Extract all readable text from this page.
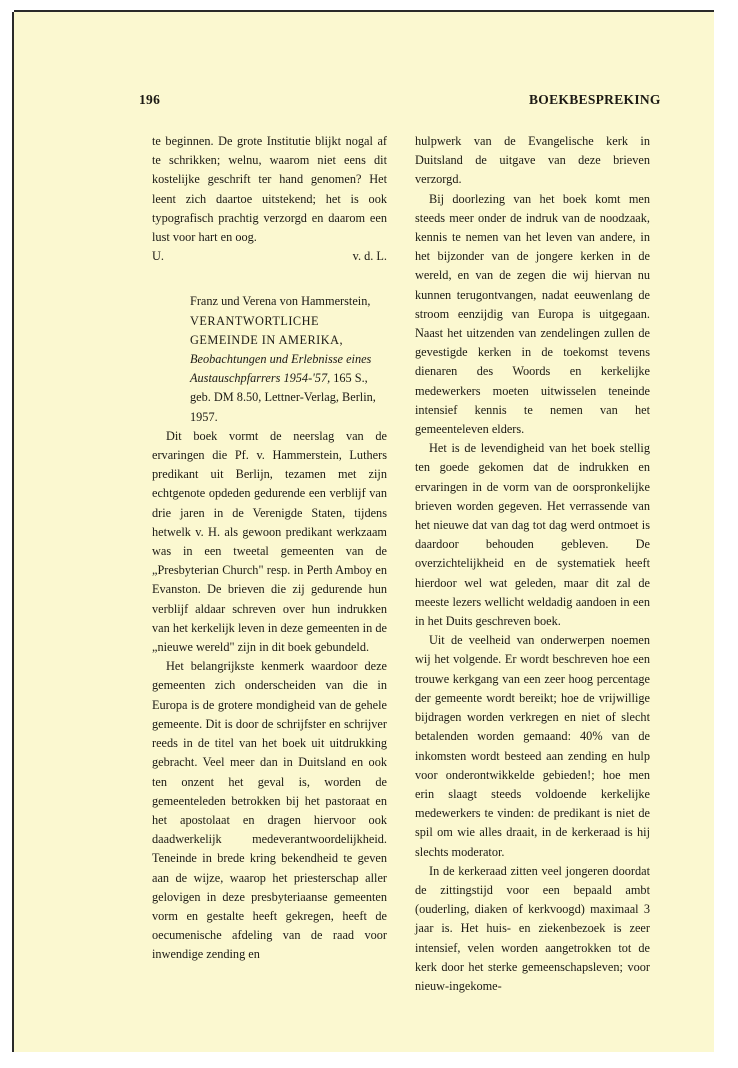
196	BOEKBESPREKING

te beginnen. De grote Institutie blijkt nogal af te schrikken; welnu, waarom niet eens dit kostelijke geschrift ter hand genomen? Het leent zich daartoe uitstekend; het is ook typografisch prachtig verzorgd en daarom een lust voor hart en oog.

U.	v. d. L.
Franz und Verena von Hammerstein, VERANTWORTLICHE GEMEINDE IN AMERIKA, Beobachtungen und Erlebnisse eines Austauschpfarrers 1954-'57, 165 S., geb. DM 8.50, Lettner-Verlag, Berlin, 1957.

Dit boek vormt de neerslag van de ervaringen die Pf. v. Hammerstein, Luthers predikant uit Berlijn, tezamen met zijn echtgenote opdeden gedurende een verblijf van drie jaren in de Verenigde Staten, tijdens hetwelk v. H. als gewoon predikant werkzaam was in een tweetal gemeenten van de „Presbyterian Church" resp. in Perth Amboy en Evanston. De brieven die zij gedurende hun verblijf aldaar schreven over hun indrukken van het kerkelijk leven in deze gemeenten in de „nieuwe wereld" zijn in dit boek gebundeld.

Het belangrijkste kenmerk waardoor deze gemeenten zich onderscheiden van die in Europa is de grotere mondigheid van de gehele gemeente. Dit is door de schrijfster en schrijver reeds in de titel van het boek uit uitdrukking gebracht. Veel meer dan in Duitsland en ook ten onzent het geval is, worden de gemeenteleden betrokken bij het pastoraat en het apostolaat en dragen hiervoor ook daadwerkelijk medeverantwoordelijkheid. Teneinde in brede kring bekendheid te geven aan de wijze, waarop het priesterschap aller gelovigen in deze presbyteriaanse gemeenten vorm en gestalte heeft gekregen, heeft de oecumenische afdeling van de raad voor inwendige zending en

hulpwerk van de Evangelische kerk in Duitsland de uitgave van deze brieven verzorgd.

Bij doorlezing van het boek komt men steeds meer onder de indruk van de noodzaak, kennis te nemen van het leven van andere, in het bijzonder van de jongere kerken in de wereld, en van de zegen die wij hiervan nu kunnen terugontvangen, nadat eeuwenlang de stroom eenzijdig van Europa is uitgegaan. Naast het uitzenden van zendelingen zullen de gevestigde kerken in de toekomst tevens dienaren des Woords en kerkelijke medewerkers moeten uitwisselen teneinde intensief kennis te nemen van het gemeenteleven elders.

Het is de levendigheid van het boek stellig ten goede gekomen dat de indrukken en ervaringen in de vorm van de oorspronkelijke brieven worden gegeven. Het verrassende van het nieuwe dat van dag tot dag werd ontmoet is daardoor behouden gebleven. De overzichtelijkheid en de systematiek heeft hierdoor wel wat geleden, maar dit zal de meeste lezers wellicht weldadig aandoen in een in het Duits geschreven boek.

Uit de veelheid van onderwerpen noemen wij het volgende. Er wordt beschreven hoe een trouwe kerkgang van een zeer hoog percentage der gemeente wordt bereikt; hoe de vrijwillige bijdragen worden verkregen en niet of slecht betalenden worden gemaand: 40% van de inkomsten wordt besteed aan zending en hulp voor onderontwikkelde gebieden!; hoe men erin slaagt steeds voldoende kerkelijke medewerkers te vinden: de predikant is niet de spil om wie alles draait, in de kerkeraad is hij slechts moderator.

In de kerkeraad zitten veel jongeren doordat de zittingstijd voor een bepaald ambt (ouderling, diaken of kerkvoogd) maximaal 3 jaar is. Het huis- en ziekenbezoek is zeer intensief, velen worden aangetrokken tot de kerk door het sterke gemeenschapsleven; voor nieuw-ingekome-
